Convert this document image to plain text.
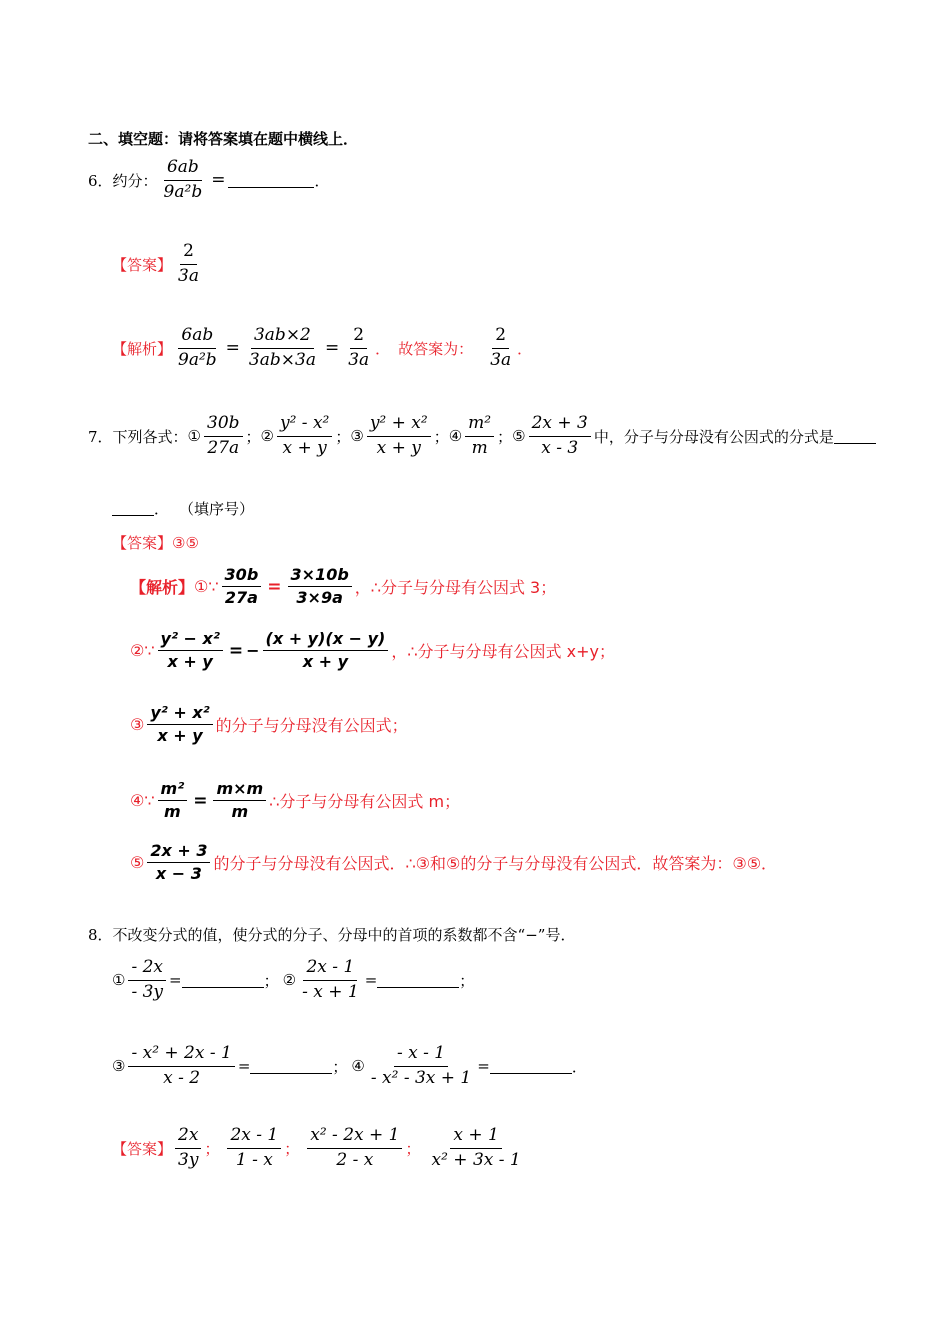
二、填空题：请将答案填在题中横线上．
6．约分： $\frac{6ab}{\text{9a²b}}$ =	．
【答案】 $\frac{2}{3a}$
【解析】 $\frac{6ab}{\text{9a²b}} = \frac{3ab\times 2}{3ab\times 3a} = \frac{2}{3a}$ ． 故答案为： $\frac{2}{3a}$ ．
7．下列各式： ① $\frac{30b}{27a}$ ； ② $\frac{\text{y² - x²}}{x + y}$ ； ③ $\frac{\text{y² + x²}}{x + y}$ ； ④ $\frac{\text{m²}}{m}$ ； ⑤ $\frac{2x + 3}{x - 3}$ 中，分子与分母没有公因式的分式是
． （填序号）
【答案】 ③⑤
【解析】 ①∵ $\frac{30b}{27a} = \frac{3\times 10b}{3\times 9a}$ ，∴分子与分母有公因式 3；
②∵ $\frac{\text{y² − x²}}{x + y}$ = − $\frac{(x + y)(x - y)}{x + y}$ ，∴分子与分母有公因式 x+y；
③ $\frac{\text{y² + x²}}{x + y}$ 的分子与分母没有公因式；
④∵ $\frac{\text{m²}}{m} = \frac{m\times m}{m}$ ∴分子与分母有公因式 m；
⑤ $\frac{2x + 3}{x - 3}$ 的分子与分母没有公因式．∴③和⑤的分子与分母没有公因式．故答案为：③⑤．
8．不改变分式的值，使分式的分子、分母中的首项的系数都不含“−”号．
① $\frac{- 2x}{- 3y}$ =	； ② $\frac{2x - 1}{- x + 1}$ =	；
③ $\frac{\text{- x² + 2x - 1}}{x - 2}$ =	； ④ $\frac{- x - 1}{\text{- x² - 3x + 1}}$ =	．
【答案】 $\frac{2x}{3y}$ ； $\frac{2x - 1}{1 - x}$ ； $\frac{\text{x² - 2x + 1}}{2 - x}$ ； $\frac{x + 1}{\text{x² + 3x - 1}}$
